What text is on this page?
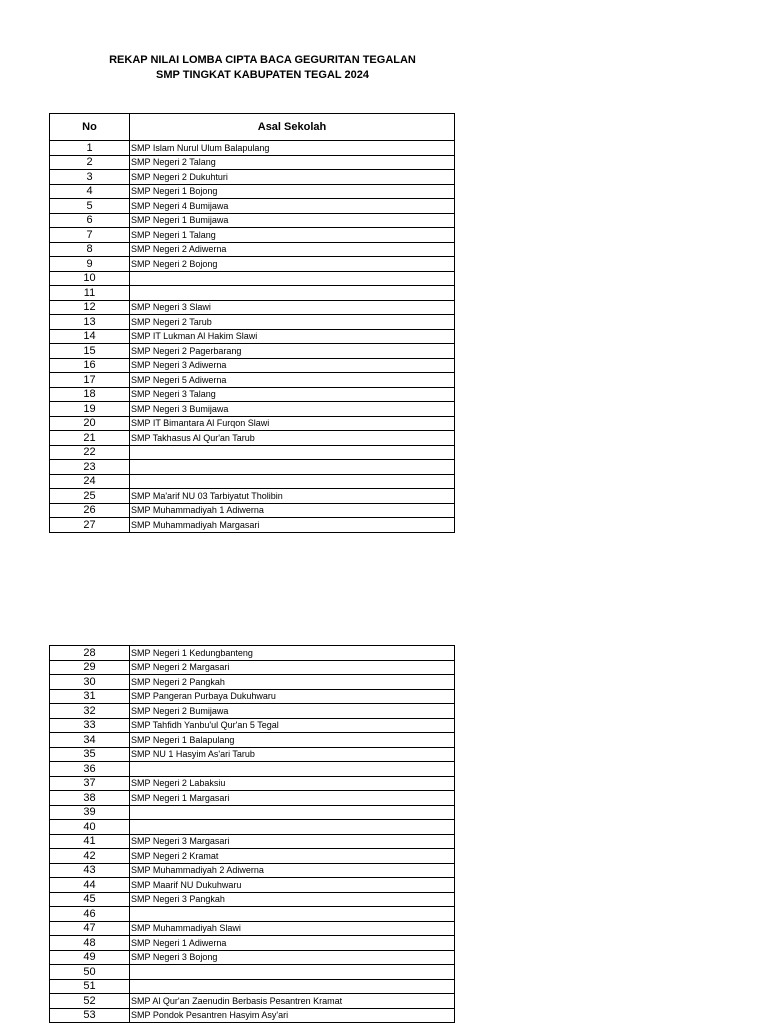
REKAP NILAI LOMBA CIPTA BACA GEGURITAN TEGALAN
SMP TINGKAT KABUPATEN TEGAL 2024
No	Asal Sekolah
1	SMP Islam Nurul Ulum Balapulang
2	SMP Negeri 2 Talang
3	SMP Negeri 2 Dukuhturi
4	SMP Negeri 1 Bojong
5	SMP Negeri 4 Bumijawa
6	SMP Negeri 1 Bumijawa
7	SMP Negeri 1 Talang
8	SMP Negeri 2 Adiwerna
9	SMP Negeri 2 Bojong
10	
11	
12	SMP Negeri 3 Slawi
13	SMP Negeri 2 Tarub
14	SMP IT Lukman Al Hakim Slawi
15	SMP Negeri 2 Pagerbarang
16	SMP Negeri 3 Adiwerna
17	SMP Negeri 5 Adiwerna
18	SMP Negeri 3 Talang
19	SMP Negeri 3 Bumijawa
20	SMP IT Bimantara Al Furqon Slawi
21	SMP Takhasus Al Qur'an Tarub
22	
23	
24	
25	SMP Ma'arif NU 03 Tarbiyatut Tholibin
26	SMP Muhammadiyah 1 Adiwerna
27	SMP Muhammadiyah Margasari
28	SMP Negeri 1 Kedungbanteng
29	SMP Negeri 2 Margasari
30	SMP Negeri 2 Pangkah
31	SMP Pangeran Purbaya Dukuhwaru
32	SMP Negeri 2 Bumijawa
33	SMP Tahfidh Yanbu'ul Qur'an 5 Tegal
34	SMP Negeri 1 Balapulang
35	SMP NU 1 Hasyim As'ari Tarub
36	
37	SMP Negeri 2 Labaksiu
38	SMP Negeri 1 Margasari
39	
40	
41	SMP Negeri 3 Margasari
42	SMP Negeri 2 Kramat
43	SMP Muhammadiyah 2 Adiwerna
44	SMP Maarif NU Dukuhwaru
45	SMP Negeri 3 Pangkah
46	
47	SMP Muhammadiyah Slawi
48	SMP Negeri 1 Adiwerna
49	SMP Negeri 3 Bojong
50	
51	
52	SMP Al Qur'an Zaenudin Berbasis Pesantren Kramat
53	SMP Pondok Pesantren Hasyim Asy'ari
